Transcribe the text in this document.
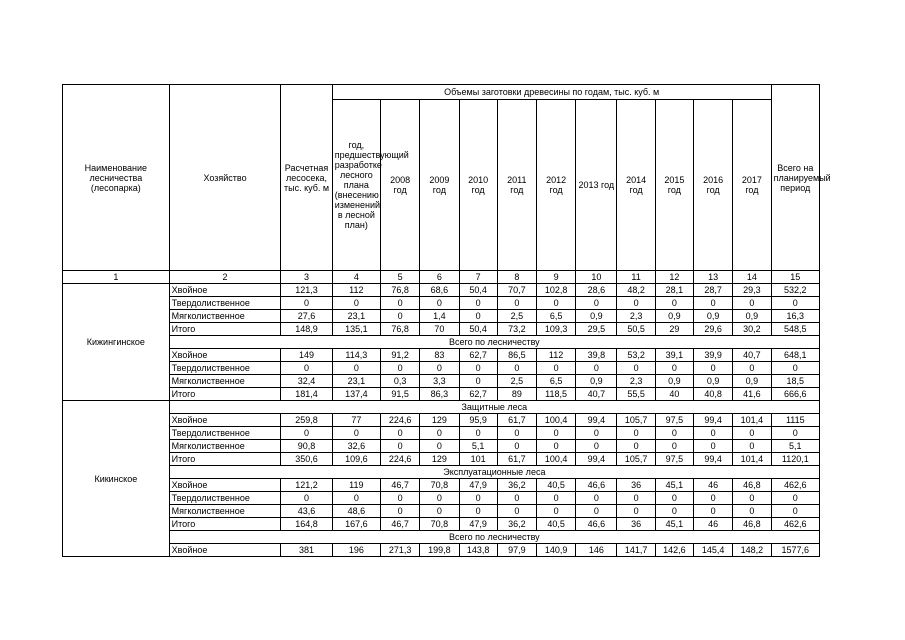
Наименование лесничества (лесопарка)	Хозяйство	Расчетная лесосека, тыс. куб. м	Объемы заготовки древесины по годам, тыс. куб. м											Всего на планируемый период
			год, предшествующий разработке лесного плана (внесению изменений в лесной план)	2008 год	2009 год	2010 год	2011 год	2012 год	2013 год	2014 год	2015 год	2016 год	2017 год	
1	2	3	4	5	6	7	8	9	10	11	12	13	14	15
Кижингинское	Хвойное	121,3	112	76,8	68,6	50,4	70,7	102,8	28,6	48,2	28,1	28,7	29,3	532,2
	Твердолиственное	0	0	0	0	0	0	0	0	0	0	0	0	0
	Мягколиственное	27,6	23,1	0	1,4	0	2,5	6,5	0,9	2,3	0,9	0,9	0,9	16,3
	Итого	148,9	135,1	76,8	70	50,4	73,2	109,3	29,5	50,5	29	29,6	30,2	548,5
	Всего по лесничеству													
	Хвойное	149	114,3	91,2	83	62,7	86,5	112	39,8	53,2	39,1	39,9	40,7	648,1
	Твердолиственное	0	0	0	0	0	0	0	0	0	0	0	0	0
	Мягколиственное	32,4	23,1	0,3	3,3	0	2,5	6,5	0,9	2,3	0,9	0,9	0,9	18,5
	Итого	181,4	137,4	91,5	86,3	62,7	89	118,5	40,7	55,5	40	40,8	41,6	666,6
Кикинское	Защитные леса													
	Хвойное	259,8	77	224,6	129	95,9	61,7	100,4	99,4	105,7	97,5	99,4	101,4	1115
	Твердолиственное	0	0	0	0	0	0	0	0	0	0	0	0	0
	Мягколиственное	90,8	32,6	0	0	5,1	0	0	0	0	0	0	0	5,1
	Итого	350,6	109,6	224,6	129	101	61,7	100,4	99,4	105,7	97,5	99,4	101,4	1120,1
	Эксплуатационные леса													
	Хвойное	121,2	119	46,7	70,8	47,9	36,2	40,5	46,6	36	45,1	46	46,8	462,6
	Твердолиственное	0	0	0	0	0	0	0	0	0	0	0	0	0
	Мягколиственное	43,6	48,6	0	0	0	0	0	0	0	0	0	0	0
	Итого	164,8	167,6	46,7	70,8	47,9	36,2	40,5	46,6	36	45,1	46	46,8	462,6
	Всего по лесничеству													
	Хвойное	381	196	271,3	199,8	143,8	97,9	140,9	146	141,7	142,6	145,4	148,2	1577,6
